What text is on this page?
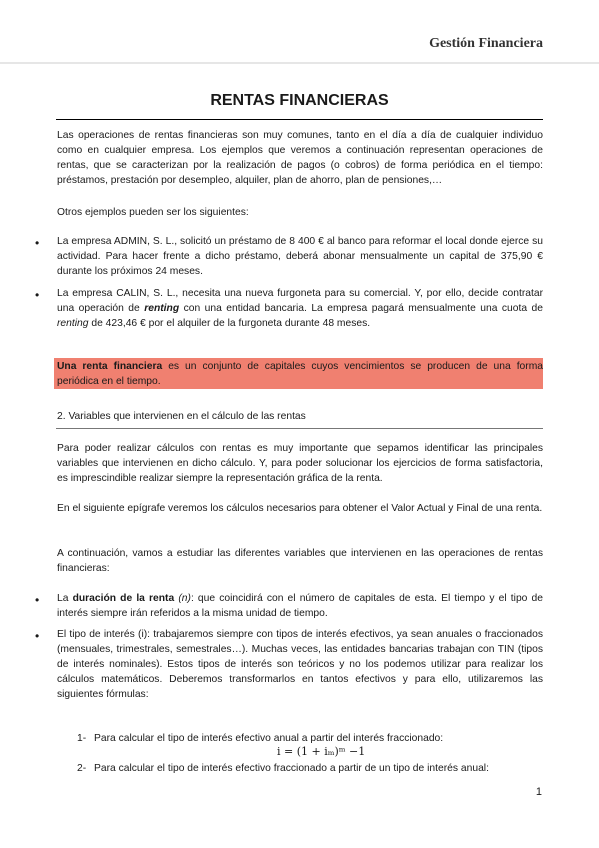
Gestión Financiera
RENTAS FINANCIERAS
Las operaciones de rentas financieras son muy comunes, tanto en el día a día de cualquier individuo como en cualquier empresa. Los ejemplos que veremos a continuación representan operaciones de rentas, que se caracterizan por la realización de pagos (o cobros) de forma periódica en el tiempo: préstamos, prestación por desempleo, alquiler, plan de ahorro, plan de pensiones,…
Otros ejemplos pueden ser los siguientes:
• La empresa ADMIN, S. L., solicitó un préstamo de 8 400 € al banco para reformar el local donde ejerce su actividad. Para hacer frente a dicho préstamo, deberá abonar mensualmente un capital de 375,90 € durante los próximos 24 meses.
• La empresa CALIN, S. L., necesita una nueva furgoneta para su comercial. Y, por ello, decide contratar una operación de renting con una entidad bancaria. La empresa pagará mensualmente una cuota de renting de 423,46 € por el alquiler de la furgoneta durante 48 meses.
Una renta financiera es un conjunto de capitales cuyos vencimientos se producen de una forma periódica en el tiempo.
2. Variables que intervienen en el cálculo de las rentas
Para poder realizar cálculos con rentas es muy importante que sepamos identificar las principales variables que intervienen en dicho cálculo. Y, para poder solucionar los ejercicios de forma satisfactoria, es imprescindible realizar siempre la representación gráfica de la renta.
En el siguiente epígrafe veremos los cálculos necesarios para obtener el Valor Actual y Final de una renta.
A continuación, vamos a estudiar las diferentes variables que intervienen en las operaciones de rentas financieras:
• La duración de la renta (n): que coincidirá con el número de capitales de esta. El tiempo y el tipo de interés siempre irán referidos a la misma unidad de tiempo.
• El tipo de interés (i): trabajaremos siempre con tipos de interés efectivos, ya sean anuales o fraccionados (mensuales, trimestrales, semestrales…). Muchas veces, las entidades bancarias trabajan con TIN (tipos de interés nominales). Estos tipos de interés son teóricos y no los podemos utilizar para realizar los cálculos matemáticos. Deberemos transformarlos en tantos efectivos y para ello, utilizaremos las siguientes fórmulas:
1- Para calcular el tipo de interés efectivo anual a partir del interés fraccionado:
i = (1 + iₘ)ᵐ −1
2- Para calcular el tipo de interés efectivo fraccionado a partir de un tipo de interés anual:
1
